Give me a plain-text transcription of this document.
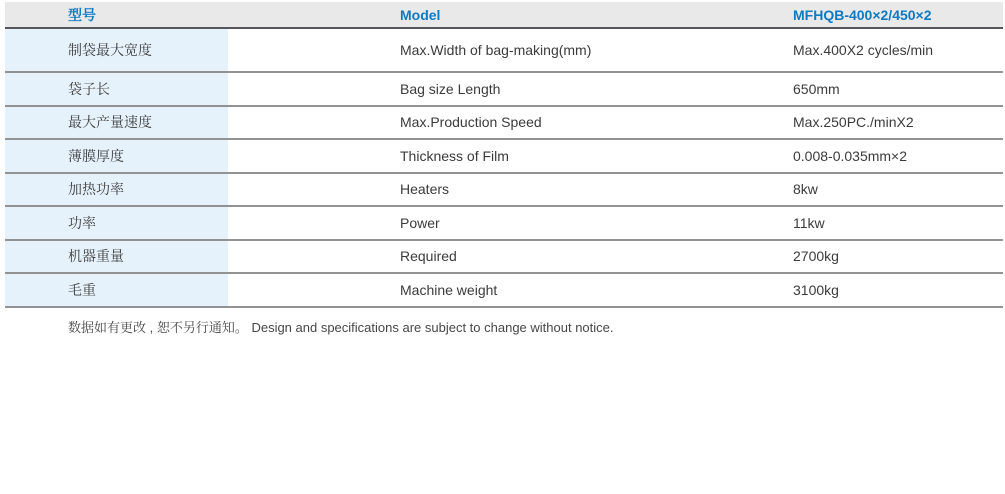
型号	Model	MFHQB-400×2/450×2
制袋最大宽度	Max.Width of bag-making(mm)	Max.400X2 cycles/min
袋子长	Bag size Length	650mm
最大产量速度	Max.Production Speed	Max.250PC./minX2
薄膜厚度	Thickness of Film	0.008-0.035mm×2
加热功率	Heaters	8kw
功率	Power	11kw
机器重量	Required	2700kg
毛重	Machine weight	3100kg
数据如有更改 , 恕不另行通知。 Design and specifications are subject to change without notice.
